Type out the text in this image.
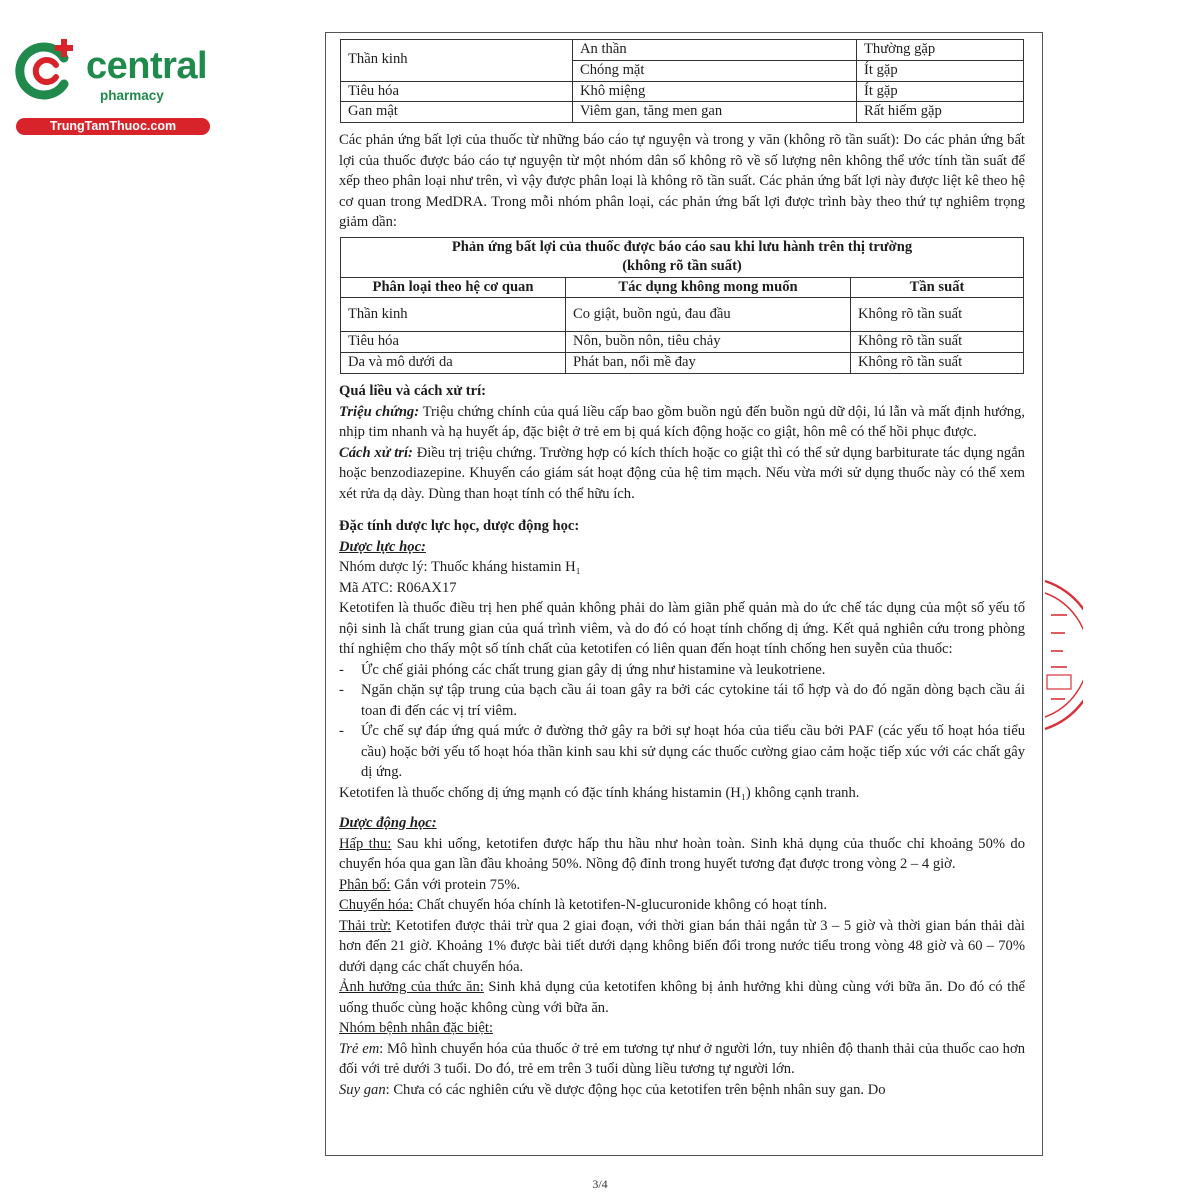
central
pharmacy
TrungTamThuoc.com
Thần kinh	An thần	Thường gặp
	Chóng mặt	Ít gặp
Tiêu hóa	Khô miệng	Ít gặp
Gan mật	Viêm gan, tăng men gan	Rất hiếm gặp

Các phản ứng bất lợi của thuốc từ những báo cáo tự nguyện và trong y văn (không rõ tần suất): Do các phản ứng bất lợi của thuốc được báo cáo tự nguyện từ một nhóm dân số không rõ về số lượng nên không thể ước tính tần suất để xếp theo phân loại như trên, vì vậy được phân loại là không rõ tần suất. Các phản ứng bất lợi này được liệt kê theo hệ cơ quan trong MedDRA. Trong mỗi nhóm phân loại, các phản ứng bất lợi được trình bày theo thứ tự nghiêm trọng giảm dần:

Phản ứng bất lợi của thuốc được báo cáo sau khi lưu hành trên thị trường
(không rõ tần suất)		

Phân loại theo hệ cơ quan	Tác dụng không mong muốn	Tần suất
Thần kinh	Co giật, buồn ngủ, đau đầu	Không rõ tần suất
Tiêu hóa	Nôn, buồn nôn, tiêu chảy	Không rõ tần suất
Da và mô dưới da	Phát ban, nổi mề đay	Không rõ tần suất

Quá liều và cách xử trí:

Triệu chứng: Triệu chứng chính của quá liều cấp bao gồm buồn ngủ đến buồn ngủ dữ dội, lú lẫn và mất định hướng, nhịp tim nhanh và hạ huyết áp, đặc biệt ở trẻ em bị quá kích động hoặc co giật, hôn mê có thể hồi phục được.

Cách xử trí: Điều trị triệu chứng. Trường hợp có kích thích hoặc co giật thì có thể sử dụng barbiturate tác dụng ngắn hoặc benzodiazepine. Khuyến cáo giám sát hoạt động của hệ tim mạch. Nếu vừa mới sử dụng thuốc này có thể xem xét rửa dạ dày. Dùng than hoạt tính có thể hữu ích.

Đặc tính dược lực học, dược động học:

Dược lực học:

Nhóm dược lý: Thuốc kháng histamin H₁

Mã ATC: R06AX17

Ketotifen là thuốc điều trị hen phế quản không phải do làm giãn phế quản mà do ức chế tác dụng của một số yếu tố nội sinh là chất trung gian của quá trình viêm, và do đó có hoạt tính chống dị ứng. Kết quả nghiên cứu trong phòng thí nghiệm cho thấy một số tính chất của ketotifen có liên quan đến hoạt tính chống hen suyễn của thuốc:

- Ức chế giải phóng các chất trung gian gây dị ứng như histamine và leukotriene.
- Ngăn chặn sự tập trung của bạch cầu ái toan gây ra bởi các cytokine tái tổ hợp và do đó ngăn dòng bạch cầu ái toan đi đến các vị trí viêm.
- Ức chế sự đáp ứng quá mức ở đường thở gây ra bởi sự hoạt hóa của tiểu cầu bởi PAF (các yếu tố hoạt hóa tiểu cầu) hoặc bởi yếu tố hoạt hóa thần kinh sau khi sử dụng các thuốc cường giao cảm hoặc tiếp xúc với các chất gây dị ứng.

Ketotifen là thuốc chống dị ứng mạnh có đặc tính kháng histamin (H₁) không cạnh tranh.

Dược động học:

Hấp thu: Sau khi uống, ketotifen được hấp thu hầu như hoàn toàn. Sinh khả dụng của thuốc chỉ khoảng 50% do chuyển hóa qua gan lần đầu khoảng 50%. Nồng độ đỉnh trong huyết tương đạt được trong vòng 2 – 4 giờ.

Phân bố: Gắn với protein 75%.

Chuyển hóa: Chất chuyển hóa chính là ketotifen-N-glucuronide không có hoạt tính.

Thải trừ: Ketotifen được thải trừ qua 2 giai đoạn, với thời gian bán thải ngắn từ 3 – 5 giờ và thời gian bán thải dài hơn đến 21 giờ. Khoảng 1% được bài tiết dưới dạng không biến đổi trong nước tiểu trong vòng 48 giờ và 60 – 70% dưới dạng các chất chuyển hóa.

Ảnh hưởng của thức ăn: Sinh khả dụng của ketotifen không bị ảnh hưởng khi dùng cùng với bữa ăn. Do đó có thể uống thuốc cùng hoặc không cùng với bữa ăn.

Nhóm bệnh nhân đặc biệt:

Trẻ em: Mô hình chuyển hóa của thuốc ở trẻ em tương tự như ở người lớn, tuy nhiên độ thanh thải của thuốc cao hơn đối với trẻ dưới 3 tuổi. Do đó, trẻ em trên 3 tuổi dùng liều tương tự người lớn.

Suy gan: Chưa có các nghiên cứu về dược động học của ketotifen trên bệnh nhân suy gan. Do

3/4
